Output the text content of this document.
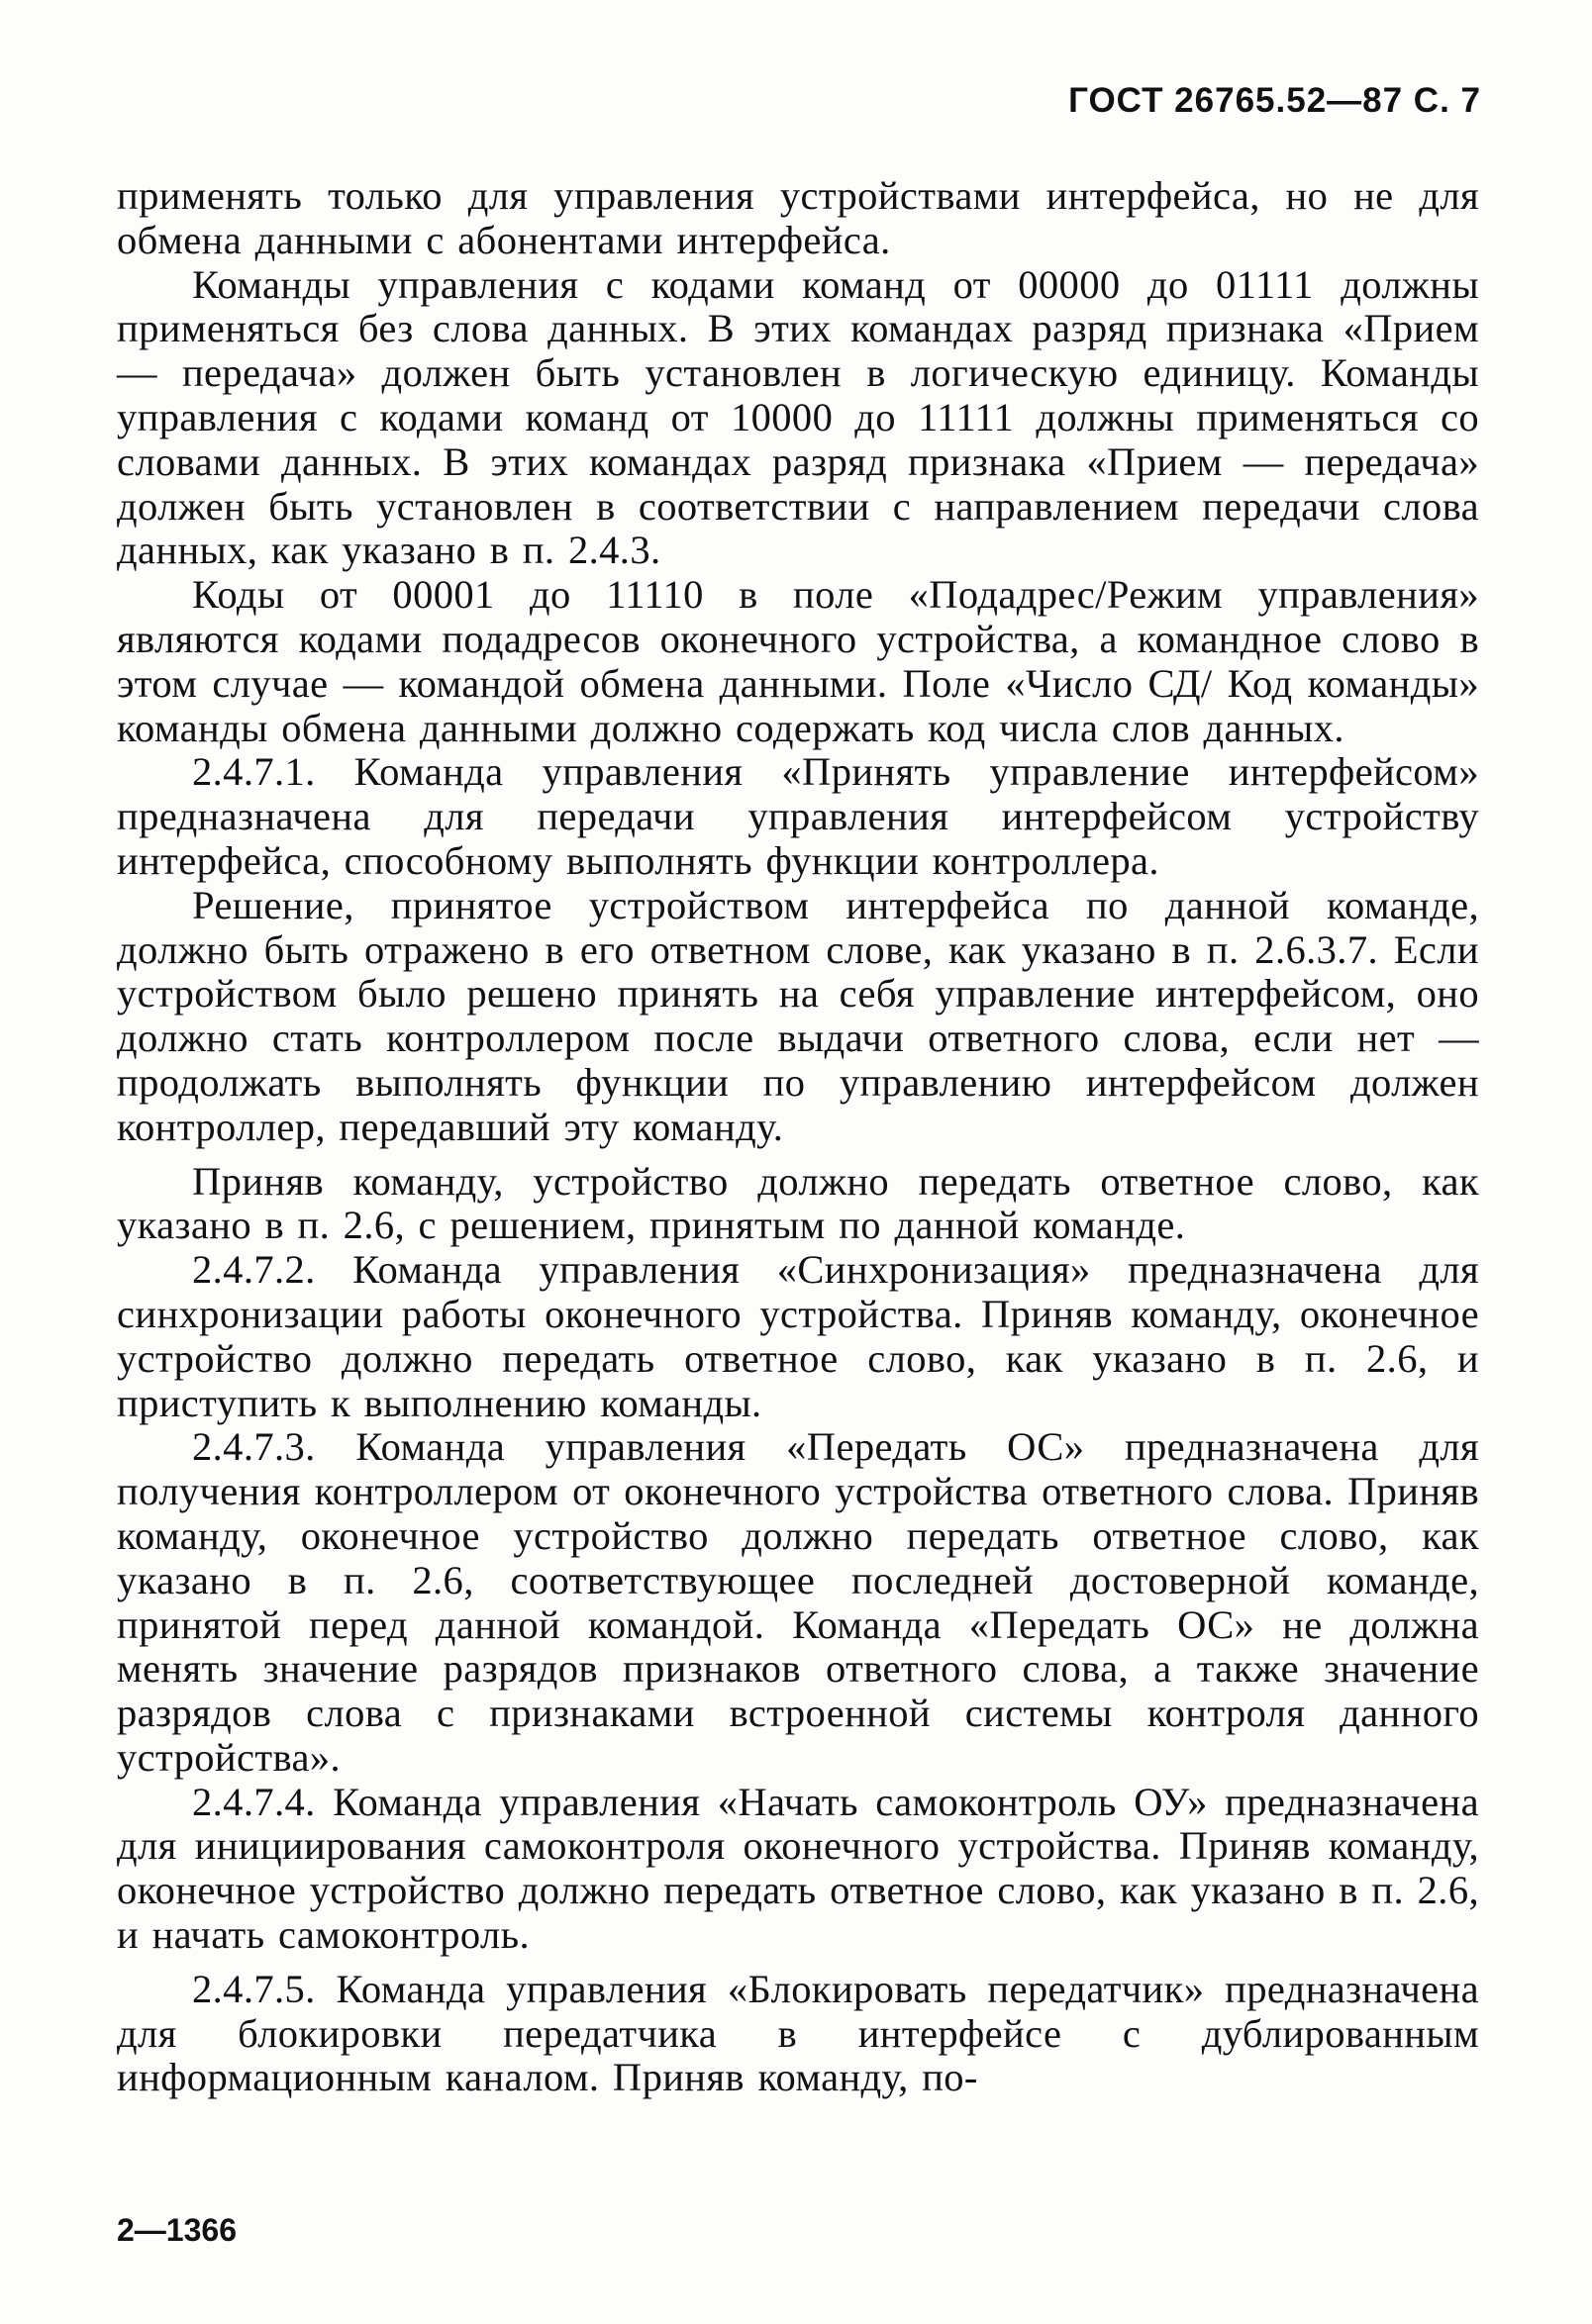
ГОСТ 26765.52—87 С. 7

применять только для управления устройствами интерфейса, но не для обмена данными с абонентами интерфейса.

Команды управления с кодами команд от 00000 до 01111 должны применяться без слова данных. В этих командах разряд признака «Прием — передача» должен быть установлен в логическую единицу. Команды управления с кодами команд от 10000 до 11111 должны применяться со словами данных. В этих командах разряд признака «Прием — передача» должен быть установлен в соответствии с направлением передачи слова данных, как указано в п. 2.4.3.

Коды от 00001 до 11110 в поле «Подадрес/Режим управления» являются кодами подадресов оконечного устройства, а командное слово в этом случае — командой обмена данными. Поле «Число СД/ Код команды» команды обмена данными должно содержать код числа слов данных.

2.4.7.1. Команда управления «Принять управление интерфейсом» предназначена для передачи управления интерфейсом устройству интерфейса, способному выполнять функции контроллера.

Решение, принятое устройством интерфейса по данной команде, должно быть отражено в его ответном слове, как указано в п. 2.6.3.7. Если устройством было решено принять на себя управление интерфейсом, оно должно стать контроллером после выдачи ответного слова, если нет — продолжать выполнять функции по управлению интерфейсом должен контроллер, передавший эту команду.

Приняв команду, устройство должно передать ответное слово, как указано в п. 2.6, с решением, принятым по данной команде.

2.4.7.2. Команда управления «Синхронизация» предназначена для синхронизации работы оконечного устройства. Приняв команду, оконечное устройство должно передать ответное слово, как указано в п. 2.6, и приступить к выполнению команды.

2.4.7.3. Команда управления «Передать ОС» предназначена для получения контроллером от оконечного устройства ответного слова. Приняв команду, оконечное устройство должно передать ответное слово, как указано в п. 2.6, соответствующее последней достоверной команде, принятой перед данной командой. Команда «Передать ОС» не должна менять значение разрядов признаков ответного слова, а также значение разрядов слова с признаками встроенной системы контроля данного устройства».

2.4.7.4. Команда управления «Начать самоконтроль ОУ» предназначена для инициирования самоконтроля оконечного устройства. Приняв команду, оконечное устройство должно передать ответное слово, как указано в п. 2.6, и начать самоконтроль.

2.4.7.5. Команда управления «Блокировать передатчик» предназначена для блокировки передатчика в интерфейсе с дублированным информационным каналом. Приняв команду, по-

2—1366
